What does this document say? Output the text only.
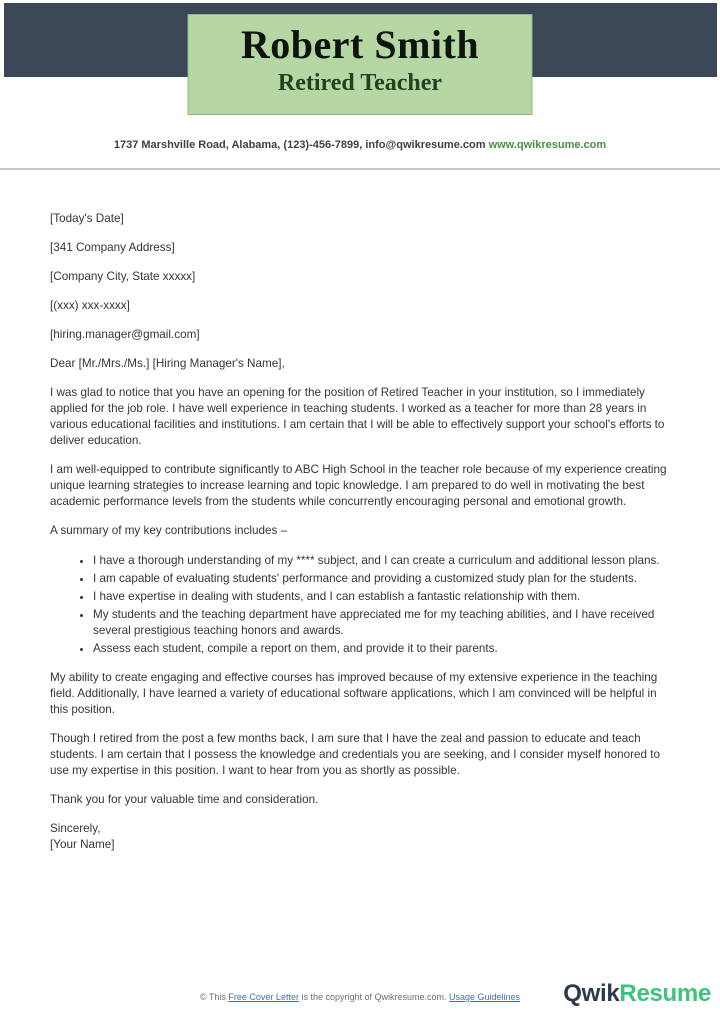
Robert Smith
Retired Teacher
1737 Marshville Road, Alabama, (123)-456-7899, info@qwikresume.com www.qwikresume.com

[Today's Date]

[341 Company Address]

[Company City, State xxxxx]

[(xxx) xxx-xxxx]

[hiring.manager@gmail.com]

Dear [Mr./Mrs./Ms.] [Hiring Manager's Name],

I was glad to notice that you have an opening for the position of Retired Teacher in your institution, so I immediately applied for the job role. I have well experience in teaching students. I worked as a teacher for more than 28 years in various educational facilities and institutions. I am certain that I will be able to effectively support your school's efforts to deliver education.

I am well-equipped to contribute significantly to ABC High School in the teacher role because of my experience creating unique learning strategies to increase learning and topic knowledge. I am prepared to do well in motivating the best academic performance levels from the students while concurrently encouraging personal and emotional growth.

A summary of my key contributions includes –

• I have a thorough understanding of my **** subject, and I can create a curriculum and additional lesson plans.
• I am capable of evaluating students' performance and providing a customized study plan for the students.
• I have expertise in dealing with students, and I can establish a fantastic relationship with them.
• My students and the teaching department have appreciated me for my teaching abilities, and I have received several prestigious teaching honors and awards.
• Assess each student, compile a report on them, and provide it to their parents.

My ability to create engaging and effective courses has improved because of my extensive experience in the teaching field. Additionally, I have learned a variety of educational software applications, which I am convinced will be helpful in this position.

Though I retired from the post a few months back, I am sure that I have the zeal and passion to educate and teach students. I am certain that I possess the knowledge and credentials you are seeking, and I consider myself honored to use my expertise in this position. I want to hear from you as shortly as possible.

Thank you for your valuable time and consideration.

Sincerely,
[Your Name]
© This Free Cover Letter is the copyright of Qwikresume.com. Usage Guidelines QwikResume
